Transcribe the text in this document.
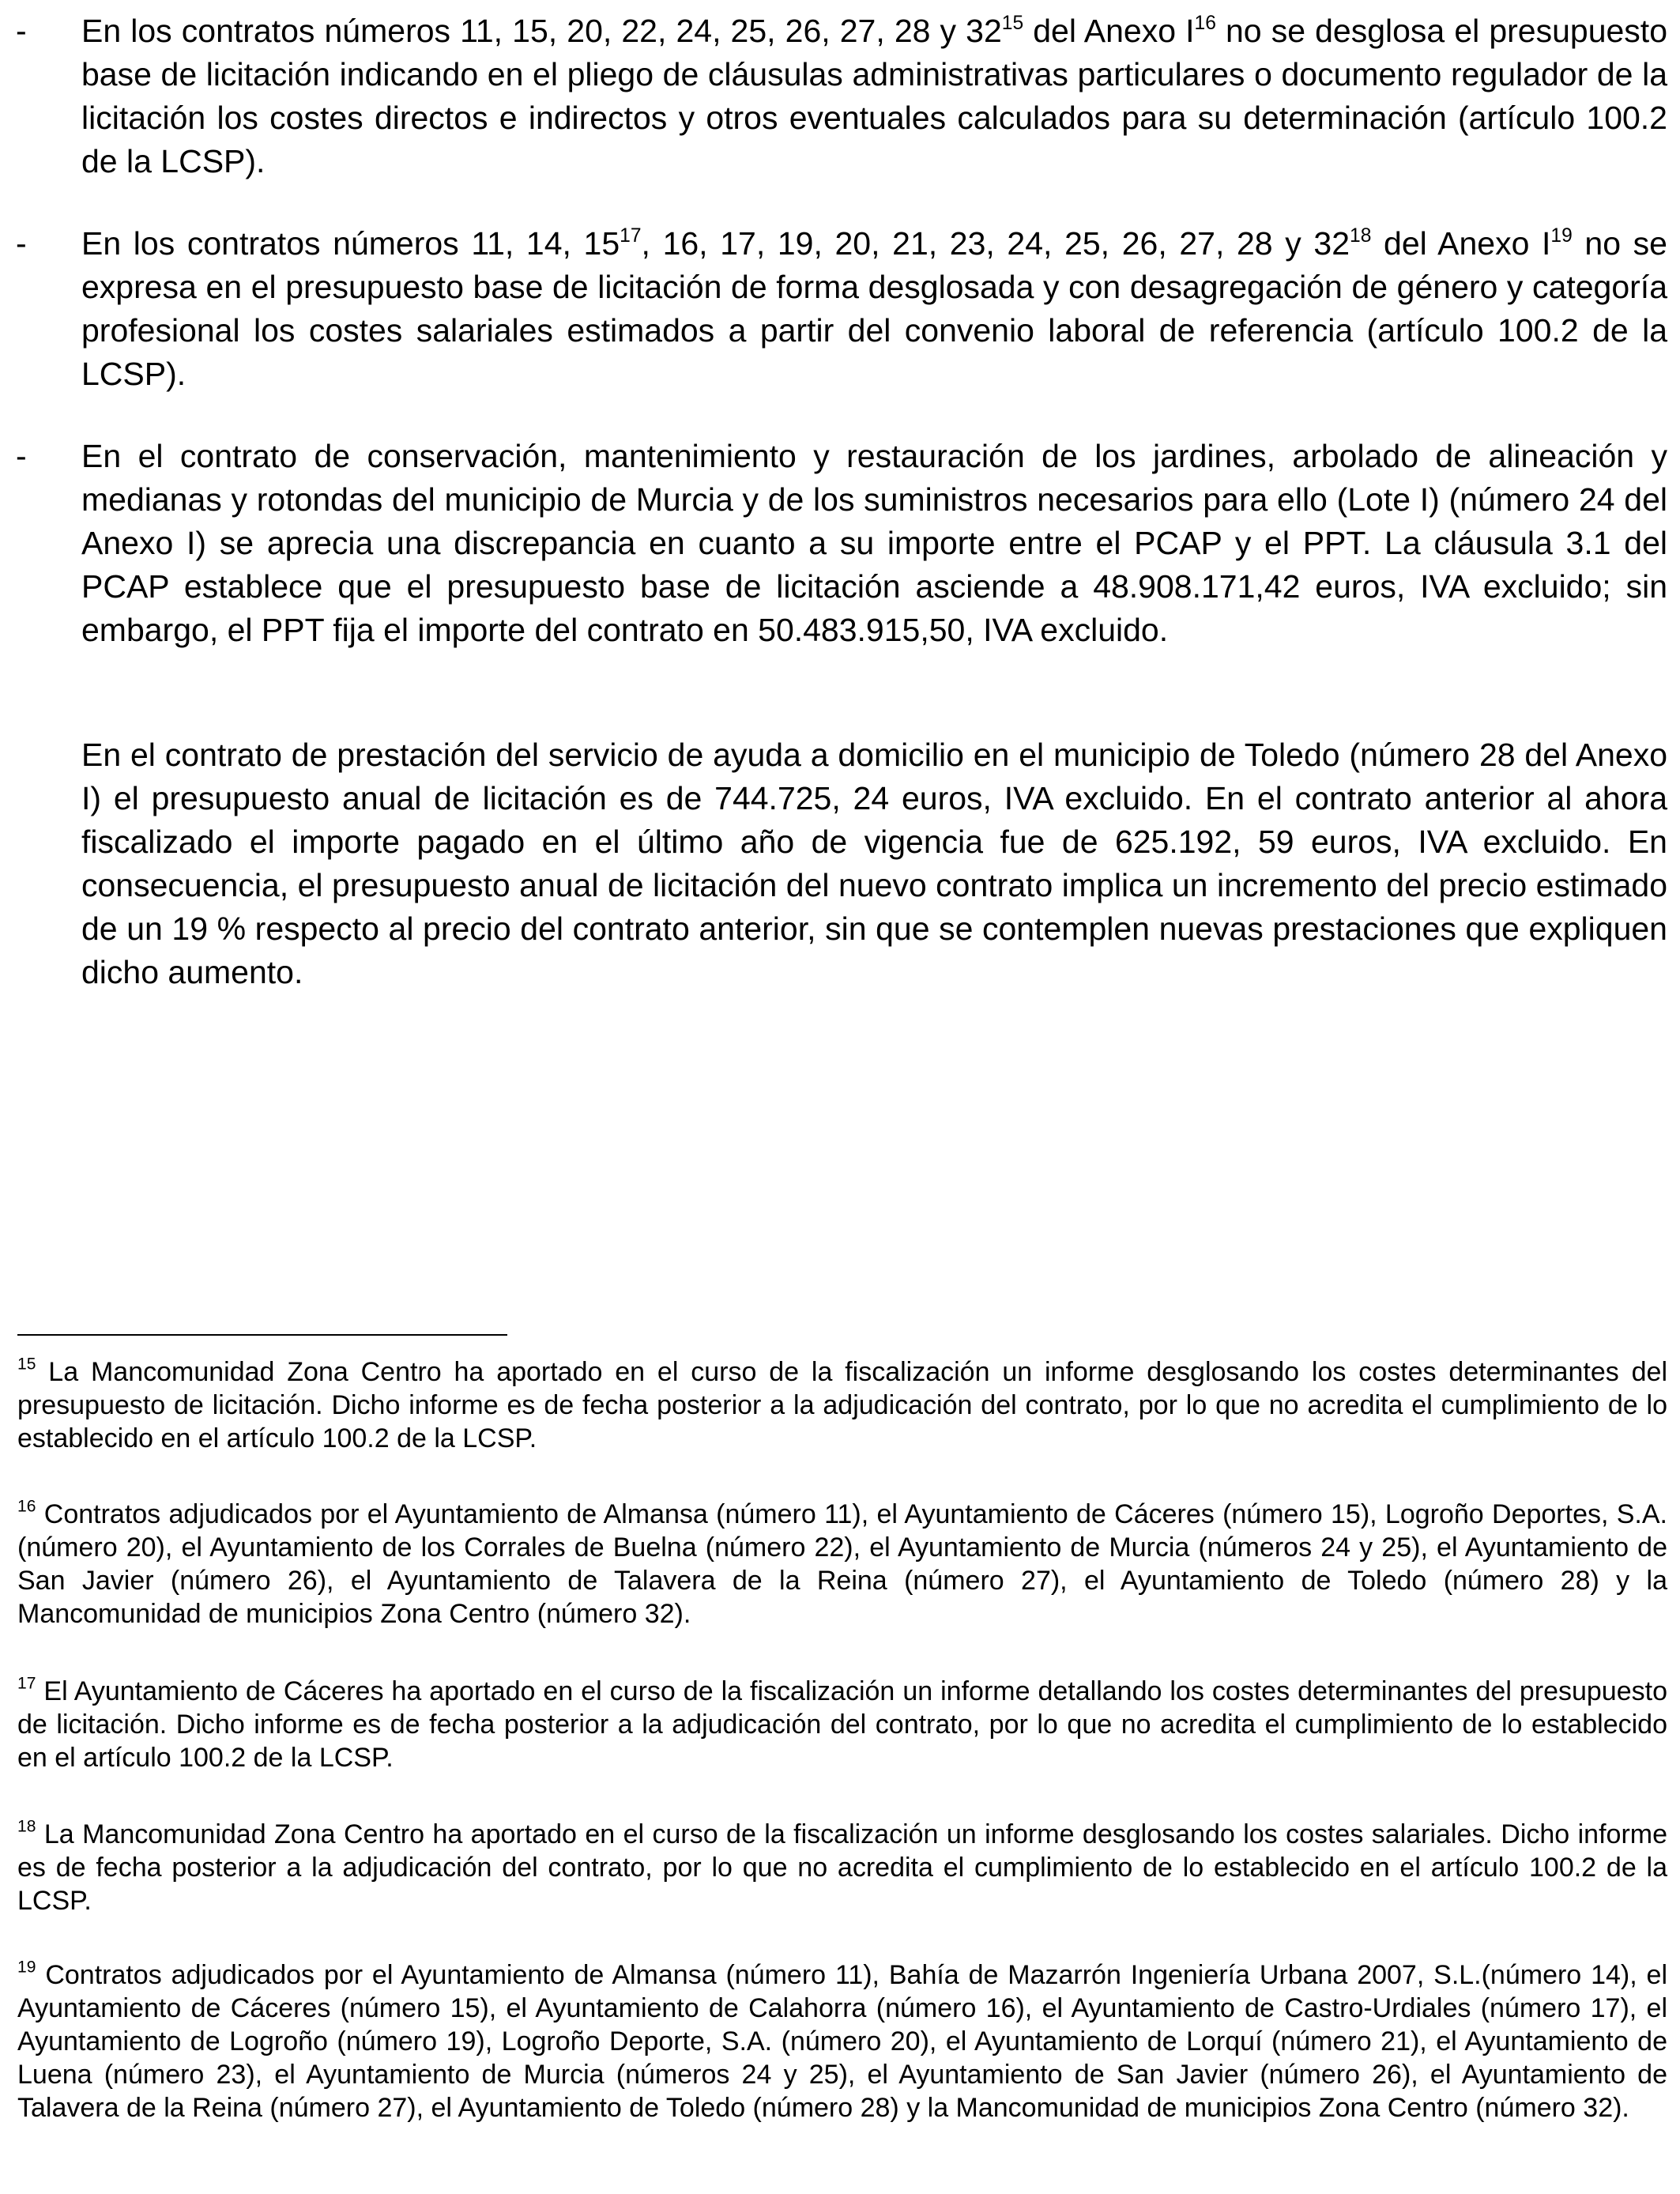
-	En los contratos números 11, 15, 20, 22, 24, 25, 26, 27, 28 y $32^{15}$ del Anexo $I^{16}$ no se desglosa el presupuesto base de licitación indicando en el pliego de cláusulas administrativas particulares o documento regulador de la licitación los costes directos e indirectos y otros eventuales calculados para su determinación (artículo 100.2 de la LCSP).
-	En los contratos números 11, 14, $15^{17}$, 16, 17, 19, 20, 21, 23, 24, 25, 26, 27, 28 y $32^{18}$ del Anexo $I^{19}$ no se expresa en el presupuesto base de licitación de forma desglosada y con desagregación de género y categoría profesional los costes salariales estimados a partir del convenio laboral de referencia (artículo 100.2 de la LCSP).
-	En el contrato de conservación, mantenimiento y restauración de los jardines, arbolado de alineación y medianas y rotondas del municipio de Murcia y de los suministros necesarios para ello (Lote I) (número 24 del Anexo I) se aprecia una discrepancia en cuanto a su importe entre el PCAP y el PPT. La cláusula 3.1 del PCAP establece que el presupuesto base de licitación asciende a 48.908.171,42 euros, IVA excluido; sin embargo, el PPT fija el importe del contrato en 50.483.915,50, IVA excluido.
En el contrato de prestación del servicio de ayuda a domicilio en el municipio de Toledo (número 28 del Anexo I) el presupuesto anual de licitación es de 744.725, 24 euros, IVA excluido. En el contrato anterior al ahora fiscalizado el importe pagado en el último año de vigencia fue de 625.192, 59 euros, IVA excluido. En consecuencia, el presupuesto anual de licitación del nuevo contrato implica un incremento del precio estimado de un 19 % respecto al precio del contrato anterior, sin que se contemplen nuevas prestaciones que expliquen dicho aumento.
$^{15}$ La Mancomunidad Zona Centro ha aportado en el curso de la fiscalización un informe desglosando los costes determinantes del presupuesto de licitación. Dicho informe es de fecha posterior a la adjudicación del contrato, por lo que no acredita el cumplimiento de lo establecido en el artículo 100.2 de la LCSP.
$^{16}$ Contratos adjudicados por el Ayuntamiento de Almansa (número 11), el Ayuntamiento de Cáceres (número 15), Logroño Deportes, S.A. (número 20), el Ayuntamiento de los Corrales de Buelna (número 22), el Ayuntamiento de Murcia (números 24 y 25), el Ayuntamiento de San Javier (número 26), el Ayuntamiento de Talavera de la Reina (número 27), el Ayuntamiento de Toledo (número 28) y la Mancomunidad de municipios Zona Centro (número 32).
$^{17}$ El Ayuntamiento de Cáceres ha aportado en el curso de la fiscalización un informe detallando los costes determinantes del presupuesto de licitación. Dicho informe es de fecha posterior a la adjudicación del contrato, por lo que no acredita el cumplimiento de lo establecido en el artículo 100.2 de la LCSP.
$^{18}$ La Mancomunidad Zona Centro ha aportado en el curso de la fiscalización un informe desglosando los costes salariales. Dicho informe es de fecha posterior a la adjudicación del contrato, por lo que no acredita el cumplimiento de lo establecido en el artículo 100.2 de la LCSP.
$^{19}$ Contratos adjudicados por el Ayuntamiento de Almansa (número 11), Bahía de Mazarrón Ingeniería Urbana 2007, S.L.(número 14), el Ayuntamiento de Cáceres (número 15), el Ayuntamiento de Calahorra (número 16), el Ayuntamiento de Castro-Urdiales (número 17), el Ayuntamiento de Logroño (número 19), Logroño Deporte, S.A. (número 20), el Ayuntamiento de Lorquí (número 21), el Ayuntamiento de Luena (número 23), el Ayuntamiento de Murcia (números 24 y 25), el Ayuntamiento de San Javier (número 26), el Ayuntamiento de Talavera de la Reina (número 27), el Ayuntamiento de Toledo (número 28) y la Mancomunidad de municipios Zona Centro (número 32).
